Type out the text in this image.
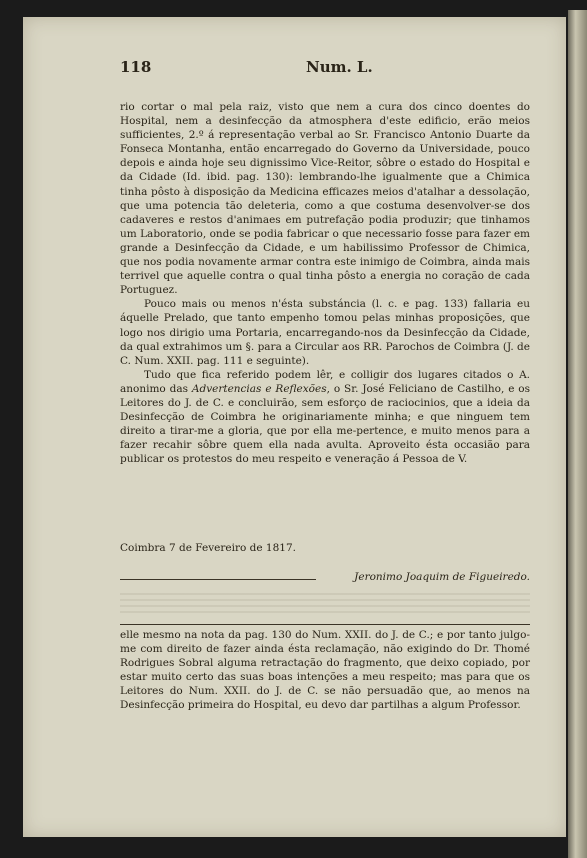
118	Num. L.

rio cortar o mal pela raiz, visto que nem a cura dos cinco doentes do Hospital, nem a desinfecção da atmosphera d'este edificio, erão meios sufficientes, 2.º á representação verbal ao Sr. Francisco Antonio Duarte da Fonseca Montanha, então encarregado do Governo da Universidade, pouco depois e ainda hoje seu dignissimo Vice-Reitor, sôbre o estado do Hospital e da Cidade (Id. ibid. pag. 130): lembrando-lhe igualmente que a Chimica tinha pôsto à disposição da Medicina efficazes meios d'atalhar a dessolação, que uma potencia tão deleteria, como a que costuma desenvolver-se dos cadaveres e restos d'animaes em putrefação podia produzir; que tinhamos um Laboratorio, onde se podia fabricar o que necessario fosse para fazer em grande a Desinfecção da Cidade, e um habilissimo Professor de Chimica, que nos podia novamente armar contra este inimigo de Coimbra, ainda mais terrivel que aquelle contra o qual tinha pôsto a energia no coração de cada Portuguez.

Pouco mais ou menos n'ésta substáncia (l. c. e pag. 133) fallaria eu áquelle Prelado, que tanto empenho tomou pelas minhas proposições, que logo nos dirigio uma Portaria, encarregando-nos da Desinfecção da Cidade, da qual extrahimos um §. para a Circular aos RR. Parochos de Coimbra (J. de C. Num. XXII. pag. 111 e seguinte).

Tudo que fica referido podem lêr, e colligir dos lugares citados o A. anonimo das Advertencias e Reflexões, o Sr. José Feliciano de Castilho, e os Leitores do J. de C. e concluirão, sem esforço de raciocinios, que a ideia da Desinfecção de Coimbra he originariamente minha; e que ninguem tem direito a tirar-me a gloria, que por ella me-pertence, e muito menos para a fazer recahir sôbre quem ella nada avulta. Aproveito ésta occasião para publicar os protestos do meu respeito e veneração á Pessoa de V.

Coimbra 7 de Fevereiro de 1817.
Jeronimo Joaquim de Figueiredo.
elle mesmo na nota da pag. 130 do Num. XXII. do J. de C.; e por tanto julgo-me com direito de fazer ainda ésta reclamação, não exigindo do Dr. Thomé Rodrigues Sobral alguma retractação do fragmento, que deixo copiado, por estar muito certo das suas boas intenções a meu respeito; mas para que os Leitores do Num. XXII. do J. de C. se não persuadão que, ao menos na Desinfecção primeira do Hospital, eu devo dar partilhas a algum Professor.
